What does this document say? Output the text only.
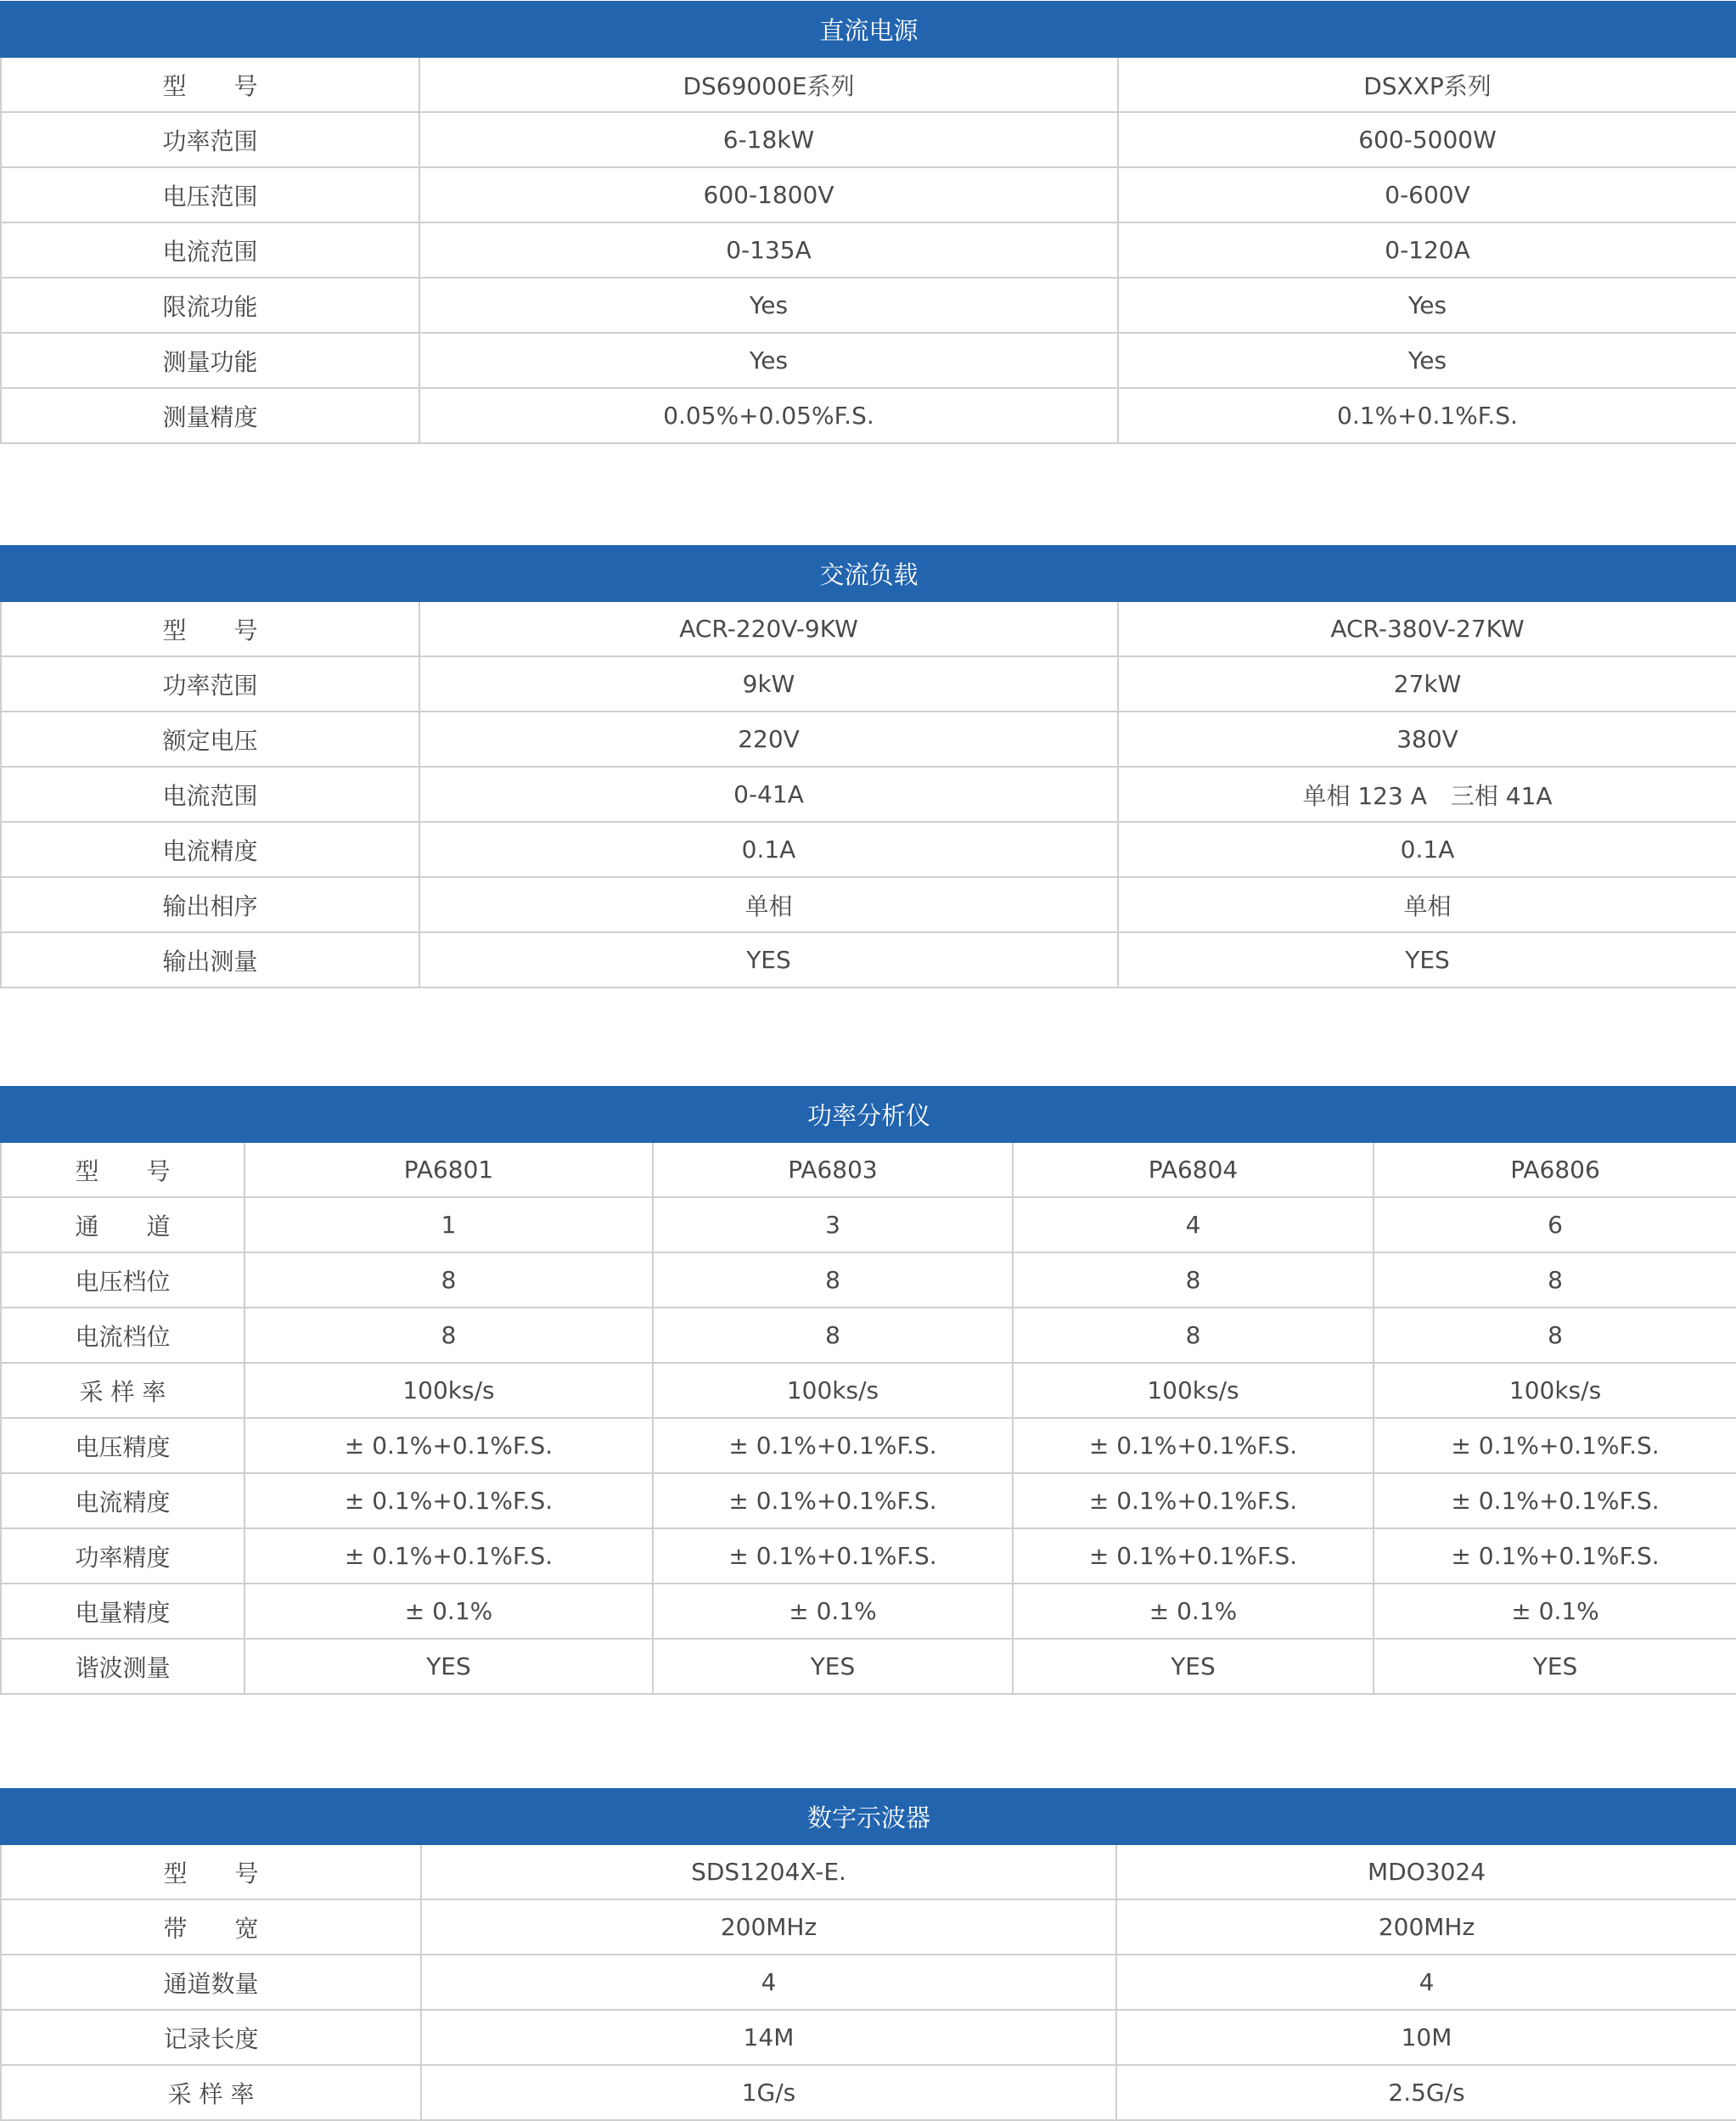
直流电源		
型　　号	DS69000E系列	DSXXP系列
功率范围	6-18kW	600-5000W
电压范围	600-1800V	0-600V
电流范围	0-135A	0-120A
限流功能	Yes	Yes
测量功能	Yes	Yes
测量精度	0.05%+0.05%F.S.	0.1%+0.1%F.S.
交流负载		
型　　号	ACR-220V-9KW	ACR-380V-27KW
功率范围	9kW	27kW
额定电压	220V	380V
电流范围	0-41A	单相 123 A　三相 41A
电流精度	0.1A	0.1A
输出相序	单相	单相
输出测量	YES	YES
功率分析仪				
型　　号	PA6801	PA6803	PA6804	PA6806
通　　道	1	3	4	6
电压档位	8	8	8	8
电流档位	8	8	8	8
采 样 率	100ks/s	100ks/s	100ks/s	100ks/s
电压精度	± 0.1%+0.1%F.S.	± 0.1%+0.1%F.S.	± 0.1%+0.1%F.S.	± 0.1%+0.1%F.S.
电流精度	± 0.1%+0.1%F.S.	± 0.1%+0.1%F.S.	± 0.1%+0.1%F.S.	± 0.1%+0.1%F.S.
功率精度	± 0.1%+0.1%F.S.	± 0.1%+0.1%F.S.	± 0.1%+0.1%F.S.	± 0.1%+0.1%F.S.
电量精度	± 0.1%	± 0.1%	± 0.1%	± 0.1%
谐波测量	YES	YES	YES	YES
数字示波器		
型　　号	SDS1204X-E.	MDO3024
带　　宽	200MHz	200MHz
通道数量	4	4
记录长度	14M	10M
采 样 率	1G/s	2.5G/s
